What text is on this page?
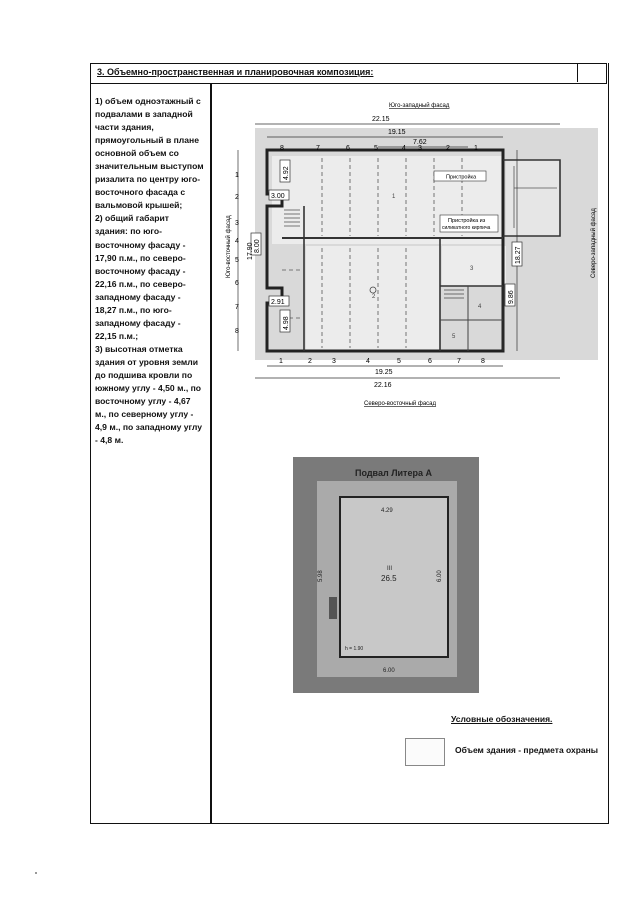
3. Объемно-пространственная и планировочная композиция:
1) объем одноэтажный с
подвалами в западной
части здания,
прямоугольный в плане
основной объем со
значительным выступом
ризалита по центру юго-
восточного фасада с
вальмовой крышей;
2) общий габарит
здания: по юго-
восточному фасаду -
17,90 п.м., по северо-
восточному фасаду -
22,16 п.м., по северо-
западному фасаду -
18,27 п.м., по юго-
западному фасаду -
22,15 п.м.;
3) высотная отметка
здания от уровня земли
до подшива кровли по
южному углу - 4,50 м., по
восточному углу - 4,67
м., по северному углу -
4,9 м., по западному углу
- 4,8 м.
22.15
19.15
7.62
19.25
22.16
Юго-западный фасад
Северо-восточный фасад
Юго-восточный фасад	Северо-западный фасад
8	7	6	5	4 3	2	1
1	2	3	4	5	6	7	8
1
2
3
4
5
6
7
8
3.00
2.91
4.92
8.00
17.90
4.98
18.27
9.86
Пристройка
Пристройка из
силикатного кирпича
1
2
3
4
5
Подвал Литера А
4.29
5.98	6.00
6.00
III
26.5
h = 1.90
Условные обозначения.
Объем здания - предмета охраны
